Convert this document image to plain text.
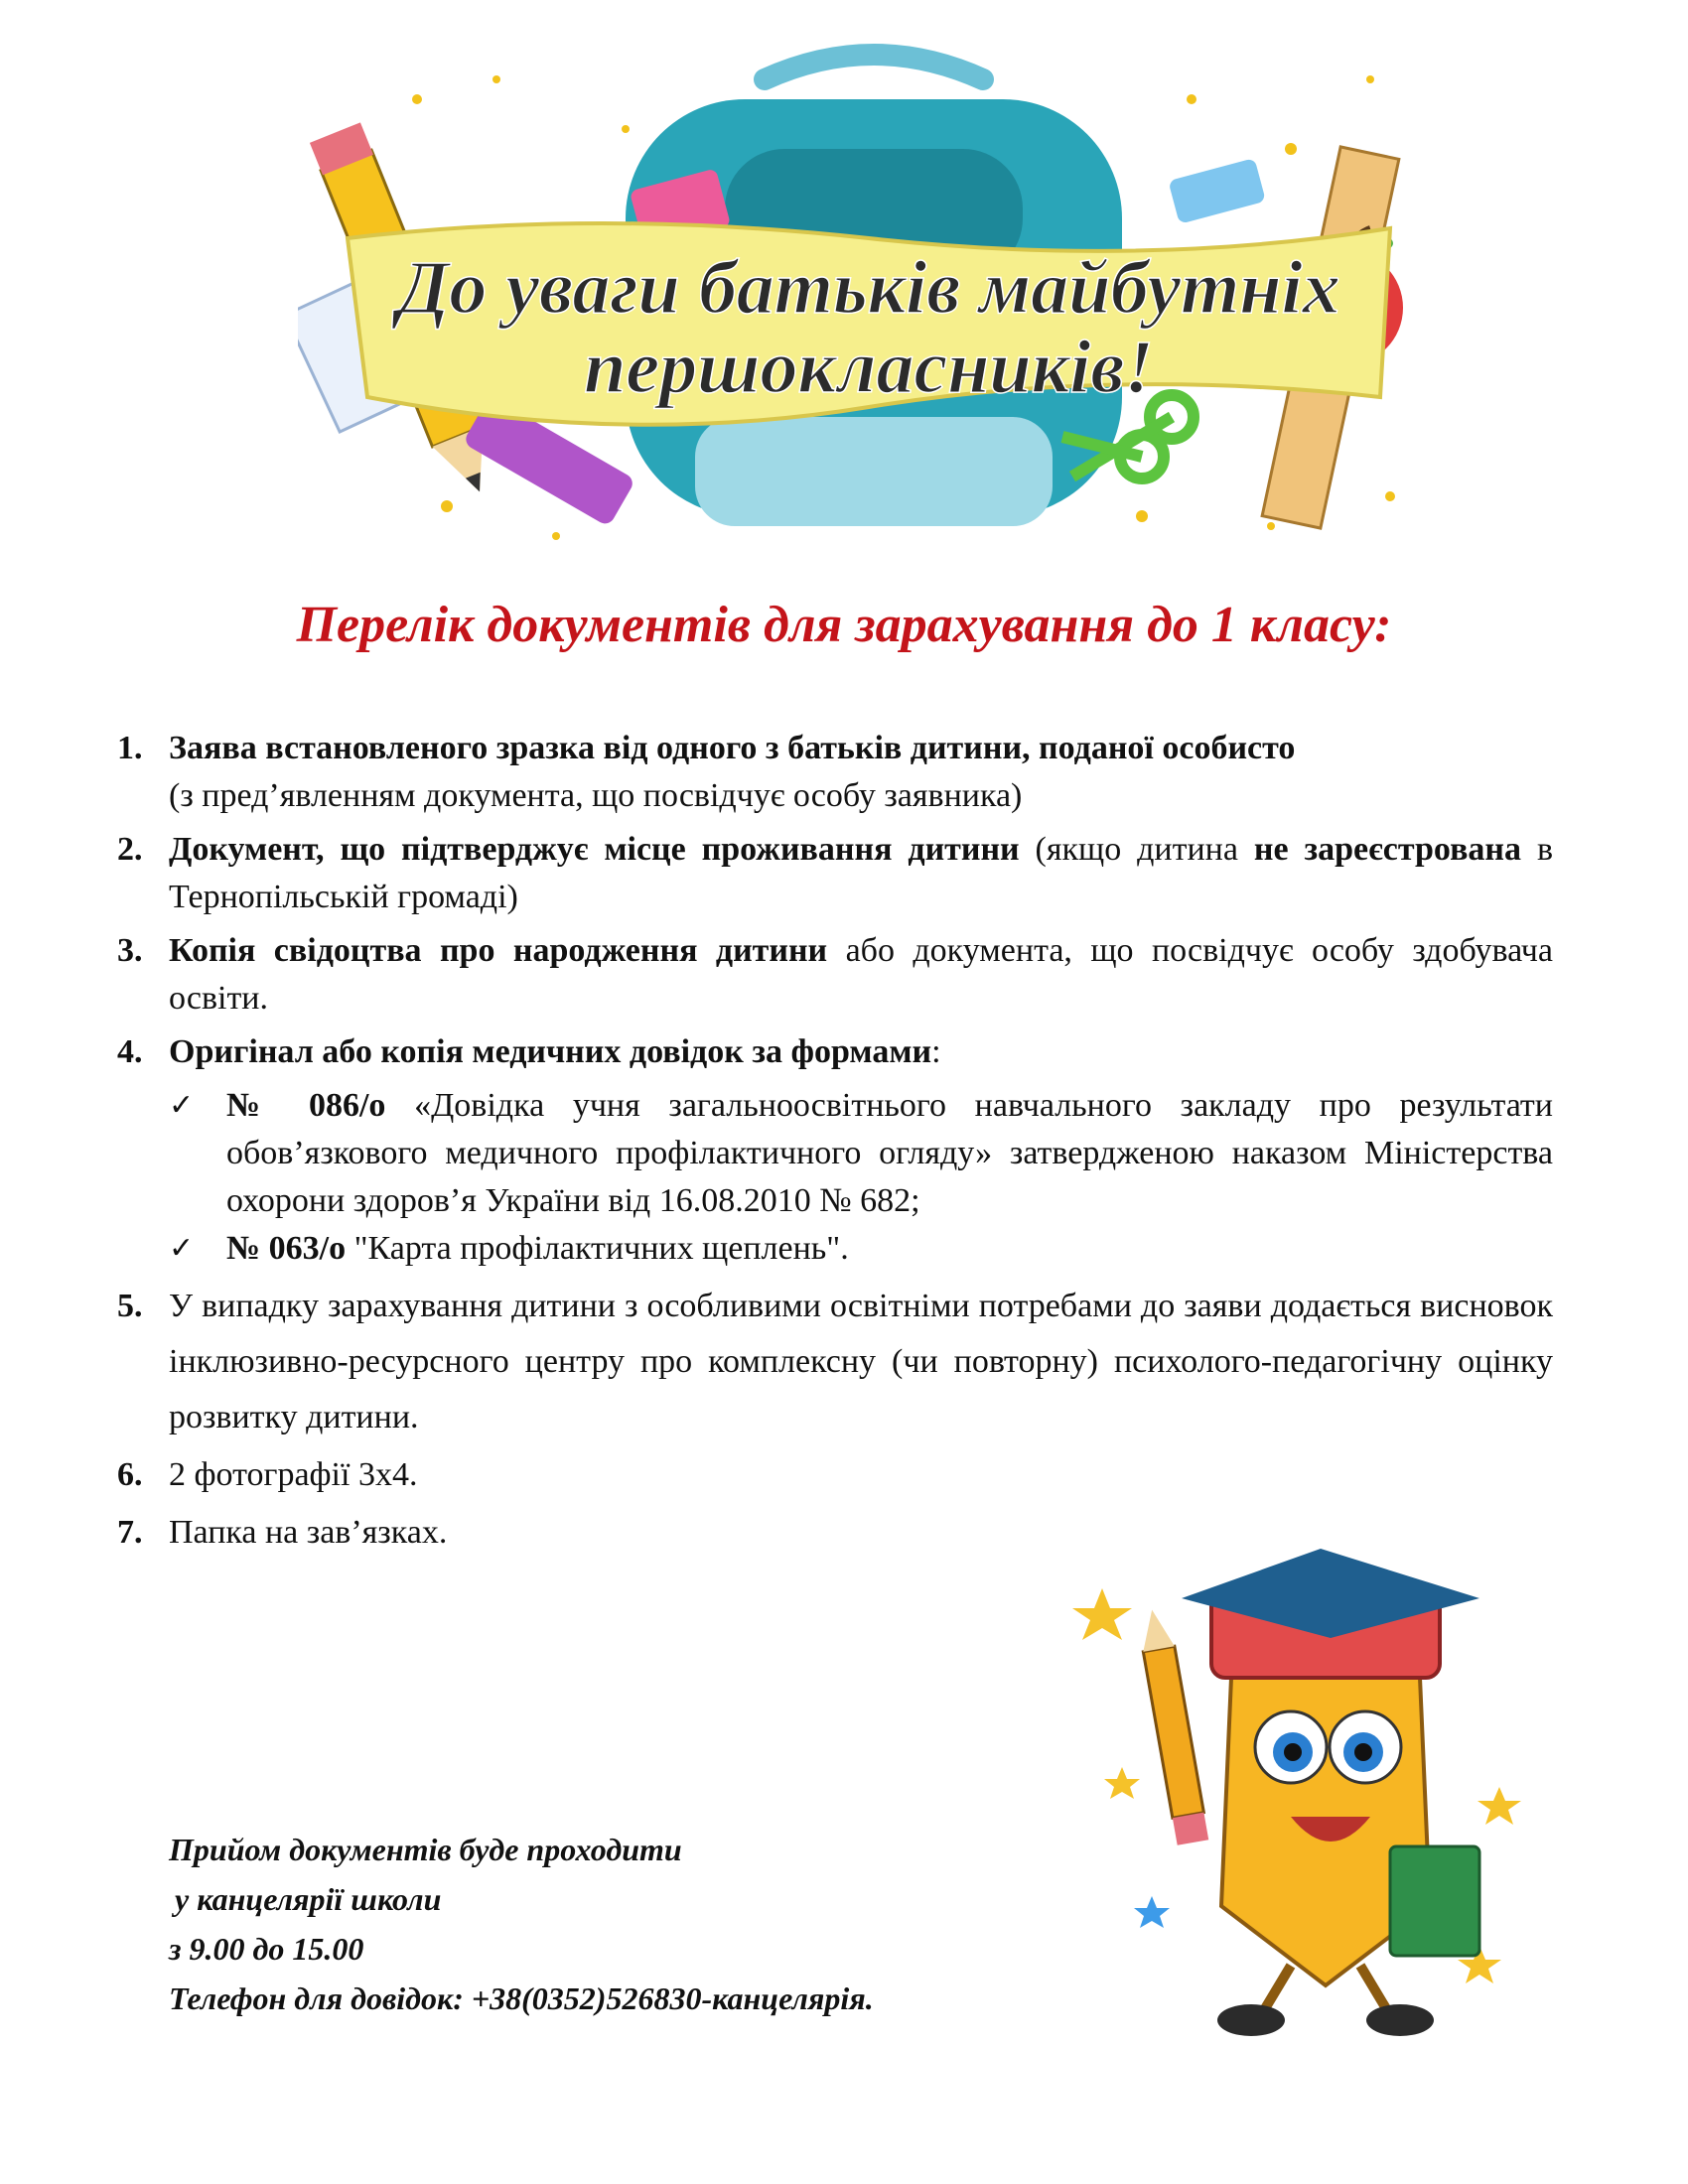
До уваги батьків майбутніх
першокласників!
Перелік документів для зарахування до 1 класу:
1. Заява встановленого зразка від одного з батьків дитини, поданої особисто
(з пред’явленням документа, що посвідчує особу заявника)
2. Документ, що підтверджує місце проживання дитини (якщо дитина не зареєстрована в Тернопільській громаді)
3. Копія свідоцтва про народження дитини або документа, що посвідчує особу здобувача освіти.
4. Оригінал або копія медичних довідок за формами:
✓ № 086/о «Довідка учня загальноосвітнього навчального закладу про результати обов’язкового медичного профілактичного огляду» затвердженою наказом Міністерства охорони здоров’я України від 16.08.2010 № 682;
✓ № 063/о "Карта профілактичних щеплень".
5. У випадку зарахування дитини з особливими освітніми потребами до заяви додається висновок інклюзивно-ресурсного центру про комплексну (чи повторну) психолого-педагогічну оцінку розвитку дитини.
6. 2 фотографії 3х4.
7. Папка на зав’язках.
Прийом документів буде проходити
у канцелярії школи
з 9.00 до 15.00
Телефон для довідок: +38(0352)526830-канцелярія.
